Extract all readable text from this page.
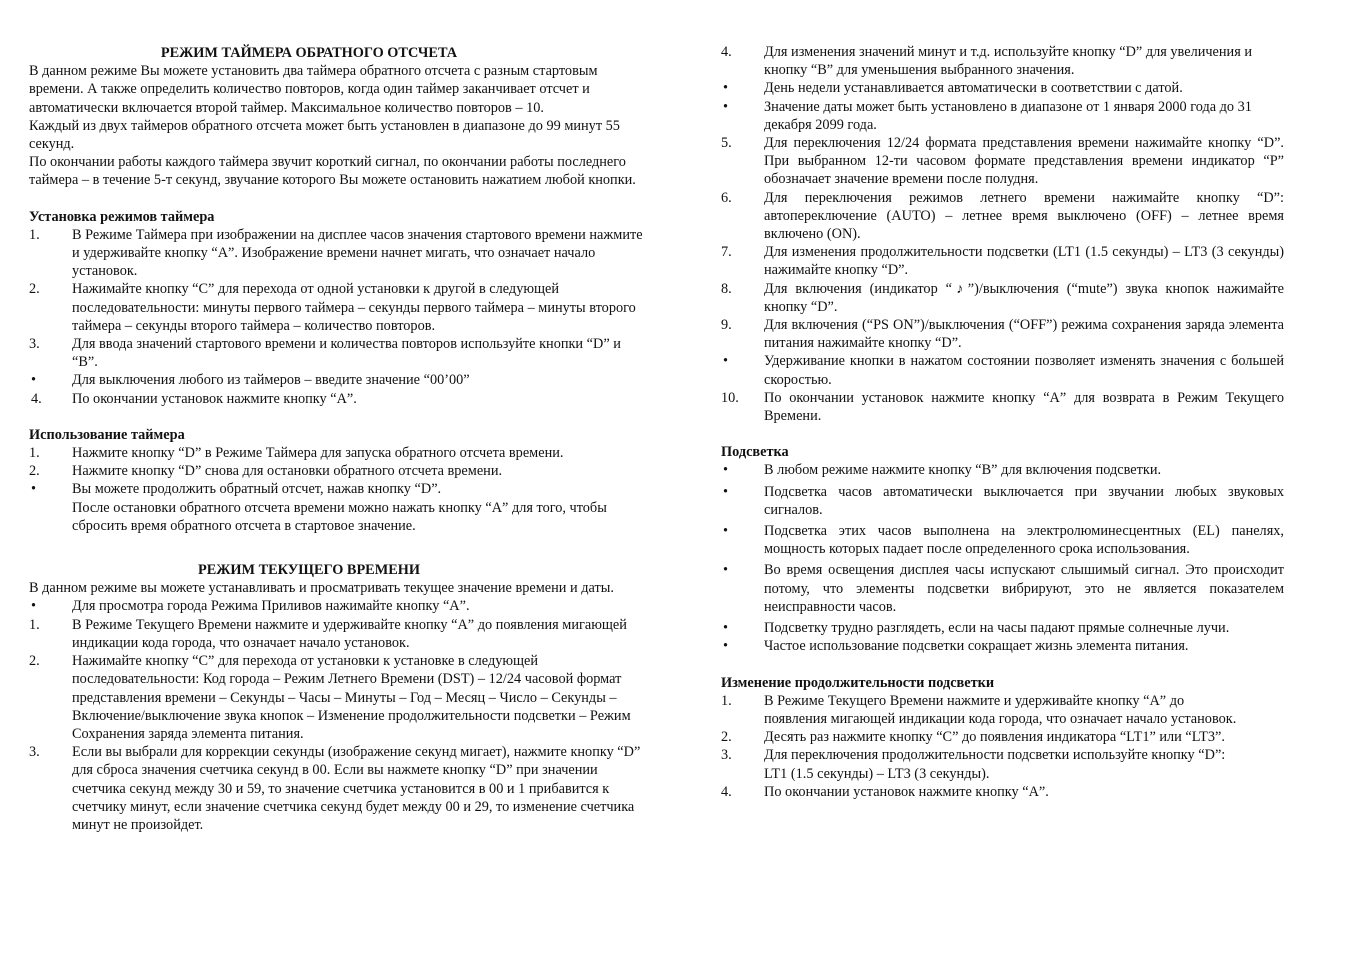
РЕЖИМ ТАЙМЕРА ОБРАТНОГО ОТСЧЕТА

В данном режиме Вы можете установить два таймера обратного отсчета с разным стартовым времени. А также определить количество повторов, когда один таймер заканчивает отсчет и автоматически включается второй таймер. Максимальное количество повторов – 10.

Каждый из двух таймеров обратного отсчета может быть установлен в диапазоне до 99 минут 55 секунд.

По окончании работы каждого таймера звучит короткий сигнал, по окончании работы последнего таймера – в течение 5-т секунд, звучание которого Вы можете остановить нажатием любой кнопки.

Установка режимов таймера

1.	В Режиме Таймера при изображении на дисплее часов значения стартового времени нажмите и удерживайте кнопку “A”. Изображение времени начнет мигать, что означает начало установок.
2.	Нажимайте кнопку “C” для перехода от одной установки к другой в следующей последовательности: минуты первого таймера – секунды первого таймера – минуты второго таймера – секунды второго таймера – количество повторов.
3.	Для ввода значений стартового времени и количества повторов используйте кнопки “D” и “B”.
•	Для выключения любого из таймеров – введите значение “00’00”
4.	По окончании установок нажмите кнопку “A”.

Использование таймера

1.	Нажмите кнопку “D” в Режиме Таймера для запуска обратного отсчета времени.
2.	Нажмите кнопку “D” снова для остановки обратного отсчета времени.
•	Вы можете продолжить обратный отсчет, нажав кнопку “D”.
После остановки обратного отсчета времени можно нажать кнопку “A” для того, чтобы сбросить время обратного отсчета в стартовое значение.

РЕЖИМ ТЕКУЩЕГО ВРЕМЕНИ

В данном режиме вы можете устанавливать и просматривать текущее значение времени и даты.

•	Для просмотра города Режима Приливов нажимайте кнопку “A”.
1.	В Режиме Текущего Времени нажмите и удерживайте кнопку “A” до появления мигающей индикации кода города, что означает начало установок.
2.	Нажимайте кнопку “C” для перехода от установки к установке в следующей последовательности: Код города – Режим Летнего Времени (DST) – 12/24 часовой формат представления времени – Секунды – Часы – Минуты – Год – Месяц – Число – Секунды – Включение/выключение звука кнопок – Изменение продолжительности подсветки – Режим Сохранения заряда элемента питания.
3.	Если вы выбрали для коррекции секунды (изображение секунд мигает), нажмите кнопку “D” для сброса значения счетчика секунд в 00. Если вы нажмете кнопку “D” при значении счетчика секунд между 30 и 59, то значение счетчика установится в 00 и 1 прибавится к счетчику минут, если значение счетчика секунд будет между 00 и 29, то изменение счетчика минут не произойдет.
4.	Для изменения значений минут и т.д. используйте кнопку “D” для увеличения и кнопку “B” для уменьшения выбранного значения.
•	День недели устанавливается автоматически в соответствии с датой.
•	Значение даты может быть установлено в диапазоне от 1 января 2000 года до 31 декабря 2099 года.
5.	Для переключения 12/24 формата представления времени нажимайте кнопку “D”. При выбранном 12-ти часовом формате представления времени индикатор “P” обозначает значение времени после полудня.
6.	Для переключения режимов летнего времени нажимайте кнопку “D”: автопереключение (AUTO) – летнее время выключено (OFF) – летнее время включено (ON).
7.	Для изменения продолжительности подсветки (LT1 (1.5 секунды) – LT3 (3 секунды) нажимайте кнопку “D”.
8.	Для включения (индикатор “♪”)/выключения (“mute”) звука кнопок нажимайте кнопку “D”.
9.	Для включения (“PS ON”)/выключения (“OFF”) режима сохранения заряда элемента питания нажимайте кнопку “D”.
•	Удерживание кнопки в нажатом состоянии позволяет изменять значения с большей скоростью.
10.	По окончании установок нажмите кнопку “A” для возврата в Режим Текущего Времени.

Подсветка

•	В любом режиме нажмите кнопку “B” для включения подсветки.
•	Подсветка часов автоматически выключается при звучании любых звуковых сигналов.
•	Подсветка этих часов выполнена на электролюминесцентных (EL) панелях, мощность которых падает после определенного срока использования.
•	Во время освещения дисплея часы испускают слышимый сигнал. Это происходит потому, что элементы подсветки вибрируют, это не является показателем неисправности часов.
•	Подсветку трудно разглядеть, если на часы падают прямые солнечные лучи.
•	Частое использование подсветки сокращает жизнь элемента питания.

Изменение продолжительности подсветки

1.	В Режиме Текущего Времени нажмите и удерживайте кнопку “A” до появления мигающей индикации кода города, что означает начало установок.
2.	Десять раз нажмите кнопку “C” до появления индикатора “LT1” или “LT3”.
3.	Для переключения продолжительности подсветки используйте кнопку “D”: LT1 (1.5 секунды) – LT3 (3 секунды).
4.	По окончании установок нажмите кнопку “A”.
